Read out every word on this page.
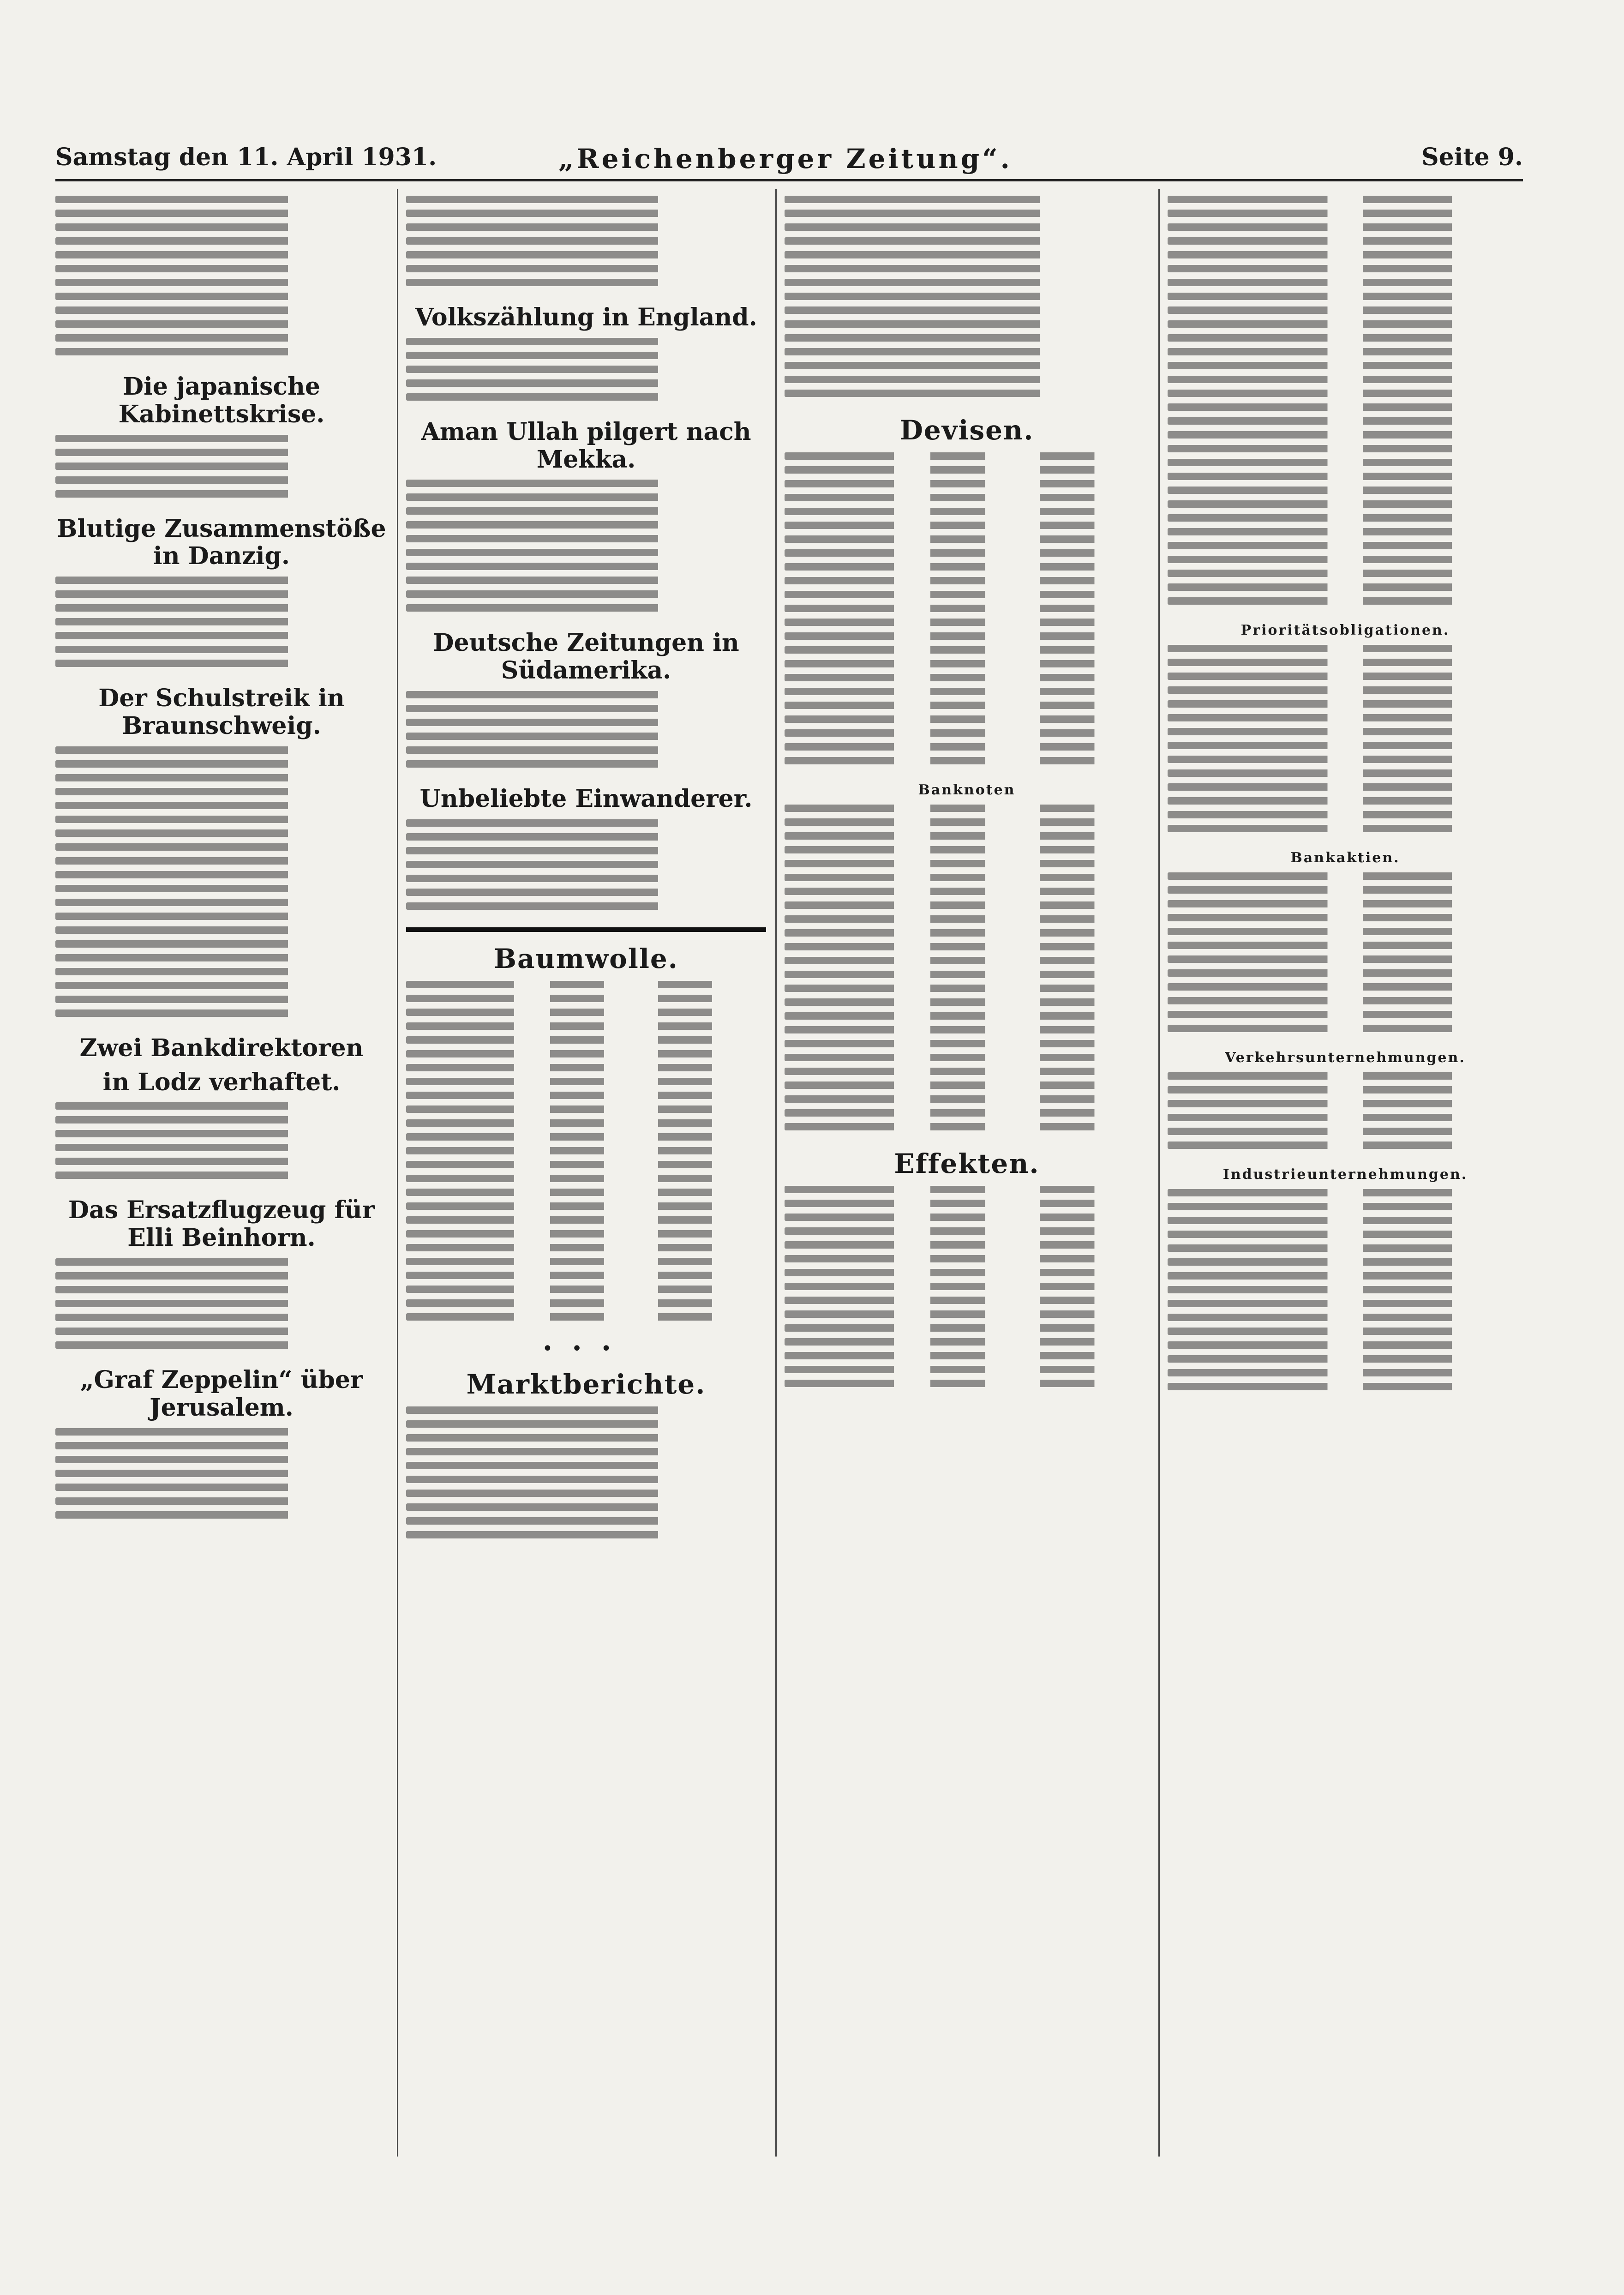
Samstag den 11. April 1931.	„Reichenberger Zeitung“.	Seite 9.
Die japanische Kabinettskrise.
Blutige Zusammenstöße in Danzig.
Der Schulstreik in Braunschweig.
Zwei Bankdirektoren
in Lodz verhaftet.
Das Ersatzflugzeug für Elli Beinhorn.
„Graf Zeppelin“ über Jerusalem.
Volkszählung in England.
Aman Ullah pilgert nach Mekka.
Deutsche Zeitungen in Südamerika.
Unbeliebte Einwanderer.
Baumwolle.
•••
Marktberichte.
Devisen.
Banknoten
Effekten.
Prioritätsobligationen.
Bankaktien.
Verkehrsunternehmungen.
Industrieunternehmungen.
